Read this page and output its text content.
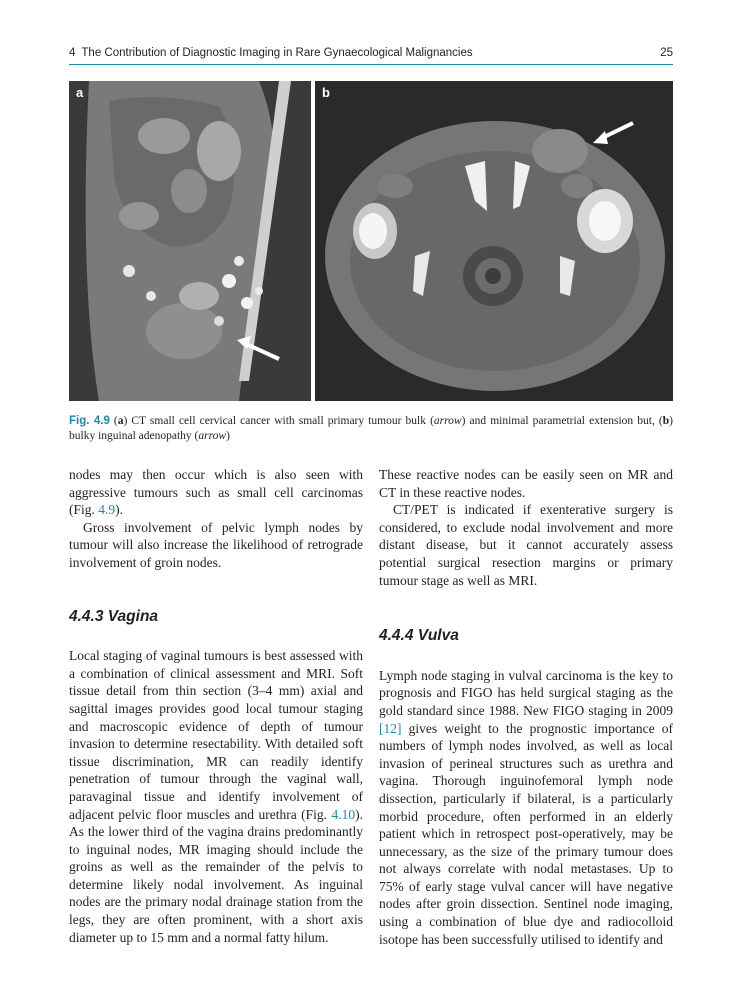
4 The Contribution of Diagnostic Imaging in Rare Gynaecological Malignancies	25
a	b
Fig. 4.9 (a) CT small cell cervical cancer with small primary tumour bulk (arrow) and minimal parametrial extension but, (b) bulky inguinal adenopathy (arrow)

nodes may then occur which is also seen with aggressive tumours such as small cell carcinomas (Fig. 4.9).

Gross involvement of pelvic lymph nodes by tumour will also increase the likelihood of retrograde involvement of groin nodes.

4.4.3 Vagina

Local staging of vaginal tumours is best assessed with a combination of clinical assessment and MRI. Soft tissue detail from thin section (3–4 mm) axial and sagittal images provides good local tumour staging and macroscopic evidence of depth of tumour invasion to determine resectability. With detailed soft tissue discrimination, MR can readily identify penetration of tumour through the vaginal wall, paravaginal tissue and identify involvement of adjacent pelvic floor muscles and urethra (Fig. 4.10). As the lower third of the vagina drains predominantly to inguinal nodes, MR imaging should include the groins as well as the remainder of the pelvis to determine likely nodal involvement. As inguinal nodes are the primary nodal drainage station from the legs, they are often prominent, with a short axis diameter up to 15 mm and a normal fatty hilum.

These reactive nodes can be easily seen on MR and CT in these reactive nodes.

CT/PET is indicated if exenterative surgery is considered, to exclude nodal involvement and more distant disease, but it cannot accurately assess potential surgical resection margins or primary tumour stage as well as MRI.

4.4.4 Vulva

Lymph node staging in vulval carcinoma is the key to prognosis and FIGO has held surgical staging as the gold standard since 1988. New FIGO staging in 2009 [12] gives weight to the prognostic importance of numbers of lymph nodes involved, as well as local invasion of perineal structures such as urethra and vagina. Thorough inguinofemoral lymph node dissection, particularly if bilateral, is a particularly morbid procedure, often performed in an elderly patient which in retrospect post-operatively, may be unnecessary, as the size of the primary tumour does not always correlate with nodal metastases. Up to 75% of early stage vulval cancer will have negative nodes after groin dissection. Sentinel node imaging, using a combination of blue dye and radiocolloid isotope has been successfully utilised to identify and
